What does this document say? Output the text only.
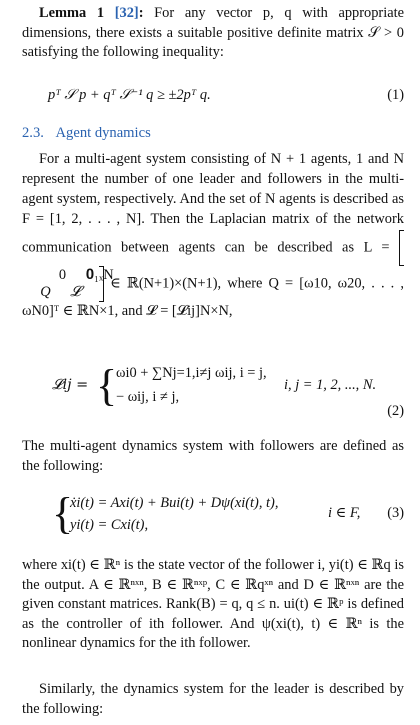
Lemma 1 [32]: For any vector p, q with appropriate dimensions, there exists a suitable positive definite matrix 𝒮 > 0 satisfying the following inequality:

pᵀ 𝒮 p + qᵀ 𝒮⁻¹ q ≥ ±2pᵀ q.	(1)
2.3. Agent dynamics

For a multi-agent system consisting of N + 1 agents, 1 and N represent the number of one leader and followers in the multi-agent system, respectively. And the set of N agents is described as F = [1, 2, . . . , N]. Then the Laplacian matrix of the network communication between agents can be described as L = 0 𝟎₁ₓN
Q 𝓛 ∈ ℝ(N+1)×(N+1), where Q = [ω10, ω20, . . . , ωN0]ᵀ ∈ ℝN×1, and 𝓛 = [𝓛ij]N×N,

𝓛ij = {
ωi0 + ∑Nj=1,i≠j ωij, i = j,
− ωij, i ≠ j,
i, j = 1, 2, ..., N.
(2)

The multi-agent dynamics system with followers are defined as the following:

{
ẋi(t) = Axi(t) + Bui(t) + Dψ(xi(t), t),
yi(t) = Cxi(t),
i ∈ F, (3)

where xi(t) ∈ ℝⁿ is the state vector of the follower i, yi(t) ∈ ℝq is the output. A ∈ ℝⁿˣⁿ, B ∈ ℝⁿˣᵖ, C ∈ ℝqˣⁿ and D ∈ ℝⁿˣⁿ are the given constant matrices. Rank(B) = q, q ≤ n. ui(t) ∈ ℝᵖ is defined as the controller of ith follower. And ψ(xi(t), t) ∈ ℝⁿ is the nonlinear dynamics for the ith follower.

Similarly, the dynamics system for the leader is described by the following:
